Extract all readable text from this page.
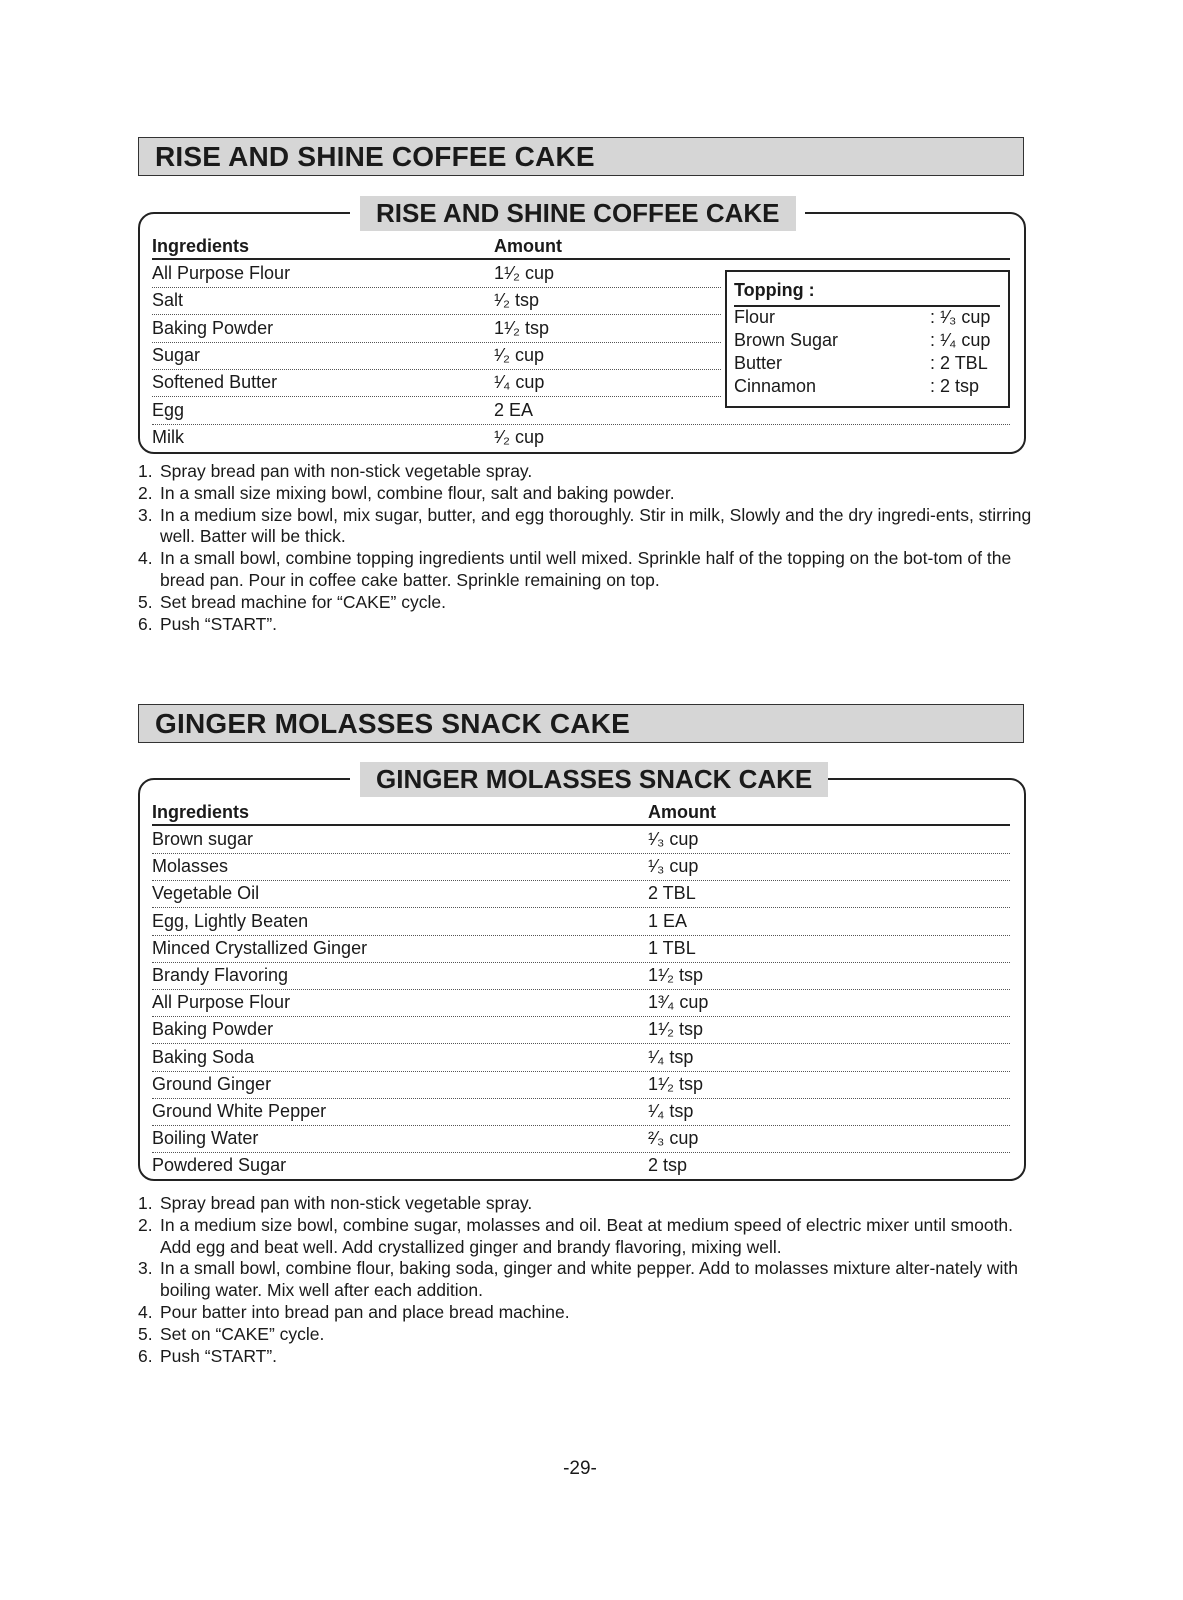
RISE AND SHINE COFFEE CAKE
RISE AND SHINE COFFEE CAKE
Ingredients	Amount
All Purpose Flour	1¹⁄₂ cup
Salt	¹⁄₂ tsp
Baking Powder	1¹⁄₂ tsp
Sugar	¹⁄₂ cup
Softened Butter	¹⁄₄ cup
Egg	2 EA
Milk	¹⁄₂ cup
Topping :
Flour	: ¹⁄₃ cup
Brown Sugar	: ¹⁄₄ cup
Butter	: 2 TBL
Cinnamon	: 2 tsp
1. Spray bread pan with non-stick vegetable spray.
2. In a small size mixing bowl, combine flour, salt and baking powder.
3. In a medium size bowl, mix sugar, butter, and egg thoroughly. Stir in milk, Slowly and the dry ingredi-ents, stirring well. Batter will be thick.
4. In a small bowl, combine topping ingredients until well mixed. Sprinkle half of the topping on the bot-tom of the bread pan. Pour in coffee cake batter. Sprinkle remaining on top.
5. Set bread machine for “CAKE” cycle.
6. Push “START”.
GINGER MOLASSES SNACK CAKE
GINGER MOLASSES SNACK CAKE
Ingredients	Amount
Brown sugar	¹⁄₃ cup
Molasses	¹⁄₃ cup
Vegetable Oil	2 TBL
Egg, Lightly Beaten	1 EA
Minced Crystallized Ginger	1 TBL
Brandy Flavoring	1¹⁄₂ tsp
All Purpose Flour	1³⁄₄ cup
Baking Powder	1¹⁄₂ tsp
Baking Soda	¹⁄₄ tsp
Ground Ginger	1¹⁄₂ tsp
Ground White Pepper	¹⁄₄ tsp
Boiling Water	²⁄₃ cup
Powdered Sugar	2 tsp
1. Spray bread pan with non-stick vegetable spray.
2. In a medium size bowl, combine sugar, molasses and oil. Beat at medium speed of electric mixer until smooth. Add egg and beat well. Add crystallized ginger and brandy flavoring, mixing well.
3. In a small bowl, combine flour, baking soda, ginger and white pepper. Add to molasses mixture alter-nately with boiling water. Mix well after each addition.
4. Pour batter into bread pan and place bread machine.
5. Set on “CAKE” cycle.
6. Push “START”.
-29-
